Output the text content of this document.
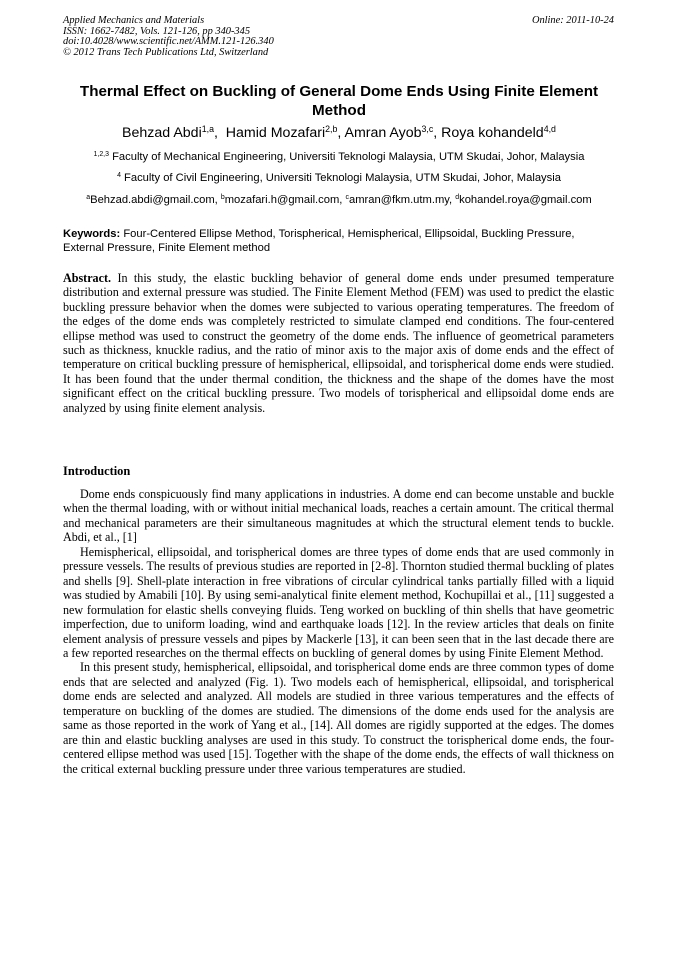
Applied Mechanics and Materials	Online: 2011-10-24
ISSN: 1662-7482, Vols. 121-126, pp 340-345
doi:10.4028/www.scientific.net/AMM.121-126.340
© 2012 Trans Tech Publications Ltd, Switzerland
Thermal Effect on Buckling of General Dome Ends Using Finite Element Method
Behzad Abdi$^{1,a}$,  Hamid Mozafari$^{2,b}$, Amran Ayob$^{3,c}$, Roya kohandeld$^{4,d}$
$^{1,2,3}$ Faculty of Mechanical Engineering, Universiti Teknologi Malaysia, UTM Skudai, Johor, Malaysia
$^4$ Faculty of Civil Engineering, Universiti Teknologi Malaysia, UTM Skudai, Johor, Malaysia
$^a$Behzad.abdi@gmail.com, $^b$mozafari.h@gmail.com, $^c$amran@fkm.utm.my, $^d$kohandel.roya@gmail.com
Keywords: Four-Centered Ellipse Method, Torispherical, Hemispherical, Ellipsoidal, Buckling Pressure, External Pressure, Finite Element method
Abstract. In this study, the elastic buckling behavior of general dome ends under presumed temperature distribution and external pressure was studied. The Finite Element Method (FEM) was used to predict the elastic buckling pressure behavior when the domes were subjected to various operating temperatures. The freedom of the edges of the dome ends was completely restricted to simulate clamped end conditions. The four-centered ellipse method was used to construct the geometry of the dome ends. The influence of geometrical parameters such as thickness, knuckle radius, and the ratio of minor axis to the major axis of dome ends and the effect of temperature on critical buckling pressure of hemispherical, ellipsoidal, and torispherical dome ends were studied. It has been found that the under thermal condition, the thickness and the shape of the domes have the most significant effect on the critical buckling pressure. Two models of torispherical and ellipsoidal dome ends are analyzed by using finite element analysis.
Introduction

Dome ends conspicuously find many applications in industries. A dome end can become unstable and buckle when the thermal loading, with or without initial mechanical loads, reaches a certain amount. The critical thermal and mechanical parameters are their simultaneous magnitudes at which the structural element tends to buckle. Abdi, et al., [1]

Hemispherical, ellipsoidal, and torispherical domes are three types of dome ends that are used commonly in pressure vessels. The results of previous studies are reported in [2-8]. Thornton studied thermal buckling of plates and shells [9]. Shell-plate interaction in free vibrations of circular cylindrical tanks partially filled with a liquid was studied by Amabili [10]. By using semi-analytical finite element method, Kochupillai et al., [11] suggested a new formulation for elastic shells conveying fluids. Teng worked on buckling of thin shells that have geometric imperfection, due to uniform loading, wind and earthquake loads [12]. In the review articles that deals on finite element analysis of pressure vessels and pipes by Mackerle [13], it can been seen that in the last decade there are a few reported researches on the thermal effects on buckling of general domes by using Finite Element Method.

In this present study, hemispherical, ellipsoidal, and torispherical dome ends are three common types of dome ends that are selected and analyzed (Fig. 1). Two models each of hemispherical, ellipsoidal, and torispherical dome ends are selected and analyzed. All models are studied in three various temperatures and the effects of temperature on buckling of the domes are studied. The dimensions of the dome ends used for the analysis are same as those reported in the work of Yang et al., [14]. All domes are rigidly supported at the edges. The domes are thin and elastic buckling analyses are used in this study. To construct the torispherical dome ends, the four-centered ellipse method was used [15]. Together with the shape of the dome ends, the effects of wall thickness on the critical external buckling pressure under three various temperatures are studied.
